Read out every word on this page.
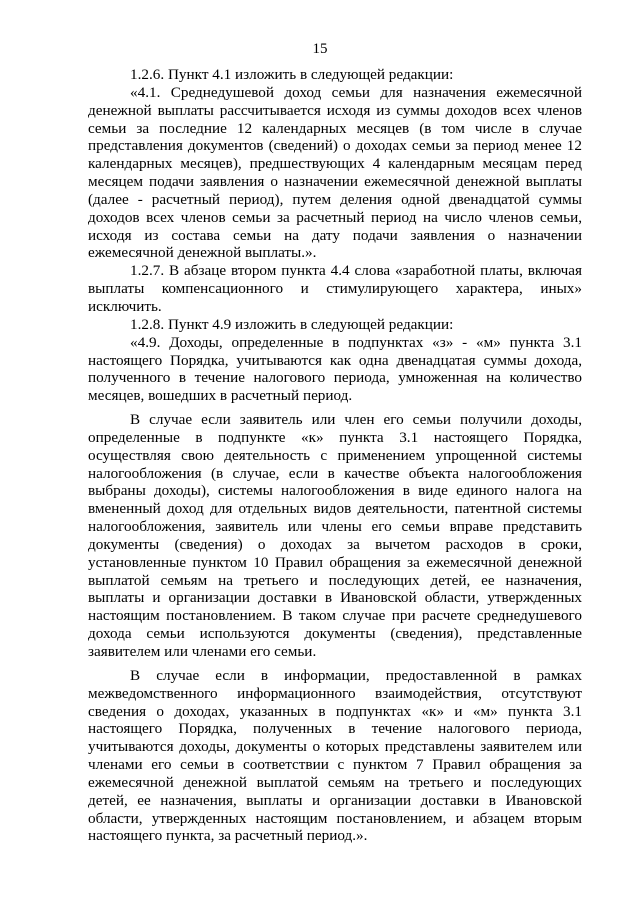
15

1.2.6. Пункт 4.1 изложить в следующей редакции:

«4.1. Среднедушевой доход семьи для назначения ежемесячной денежной выплаты рассчитывается исходя из суммы доходов всех членов семьи за последние 12 календарных месяцев (в том числе в случае представления документов (сведений) о доходах семьи за период менее 12 календарных месяцев), предшествующих 4 календарным месяцам перед месяцем подачи заявления о назначении ежемесячной денежной выплаты (далее - расчетный период), путем деления одной двенадцатой суммы доходов всех членов семьи за расчетный период на число членов семьи, исходя из состава семьи на дату подачи заявления о назначении ежемесячной денежной выплаты.».

1.2.7. В абзаце втором пункта 4.4 слова «заработной платы, включая выплаты компенсационного и стимулирующего характера, иных» исключить.

1.2.8. Пункт 4.9 изложить в следующей редакции:

«4.9. Доходы, определенные в подпунктах «з» - «м» пункта 3.1 настоящего Порядка, учитываются как одна двенадцатая суммы дохода, полученного в течение налогового периода, умноженная на количество месяцев, вошедших в расчетный период.

В случае если заявитель или член его семьи получили доходы, определенные в подпункте «к» пункта 3.1 настоящего Порядка, осуществляя свою деятельность с применением упрощенной системы налогообложения (в случае, если в качестве объекта налогообложения выбраны доходы), системы налогообложения в виде единого налога на вмененный доход для отдельных видов деятельности, патентной системы налогообложения, заявитель или члены его семьи вправе представить документы (сведения) о доходах за вычетом расходов в сроки, установленные пунктом 10 Правил обращения за ежемесячной денежной выплатой семьям на третьего и последующих детей, ее назначения, выплаты и организации доставки в Ивановской области, утвержденных настоящим постановлением. В таком случае при расчете среднедушевого дохода семьи используются документы (сведения), представленные заявителем или членами его семьи.

В случае если в информации, предоставленной в рамках межведомственного информационного взаимодействия, отсутствуют сведения о доходах, указанных в подпунктах «к» и «м» пункта 3.1 настоящего Порядка, полученных в течение налогового периода, учитываются доходы, документы о которых представлены заявителем или членами его семьи в соответствии с пунктом 7 Правил обращения за ежемесячной денежной выплатой семьям на третьего и последующих детей, ее назначения, выплаты и организации доставки в Ивановской области, утвержденных настоящим постановлением, и абзацем вторым настоящего пункта, за расчетный период.».
